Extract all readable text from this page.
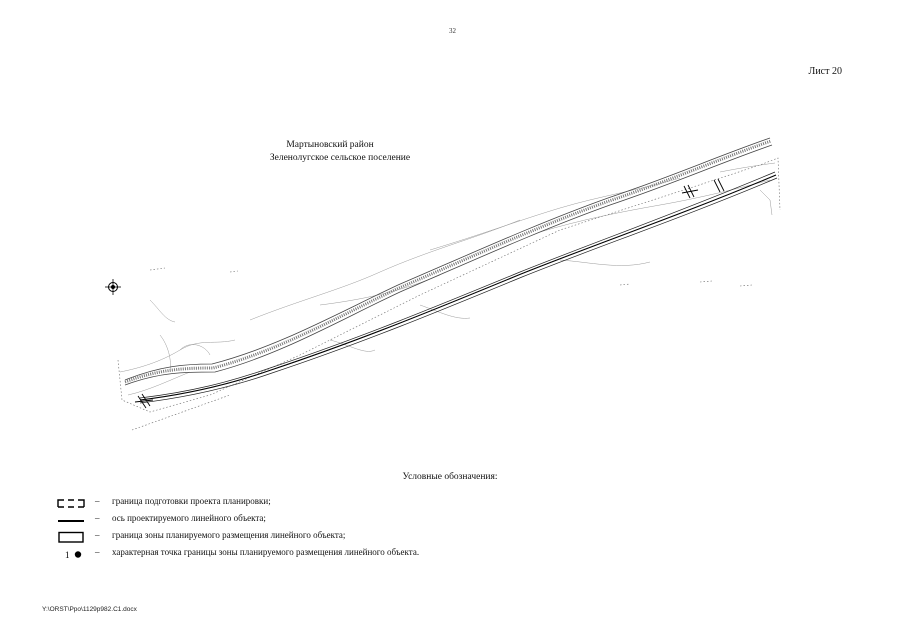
32
Лист 20
Мартыновский район
Зеленолугское сельское поселение
Условные обозначения:
– граница подготовки проекта планировки;
– ось проектируемого линейного объекта;
– граница зоны планируемого размещения линейного объекта;
1	– характерная точка границы зоны планируемого размещения линейного объекта.
Y:\ORST\Ppo\1129p982.C1.docx
